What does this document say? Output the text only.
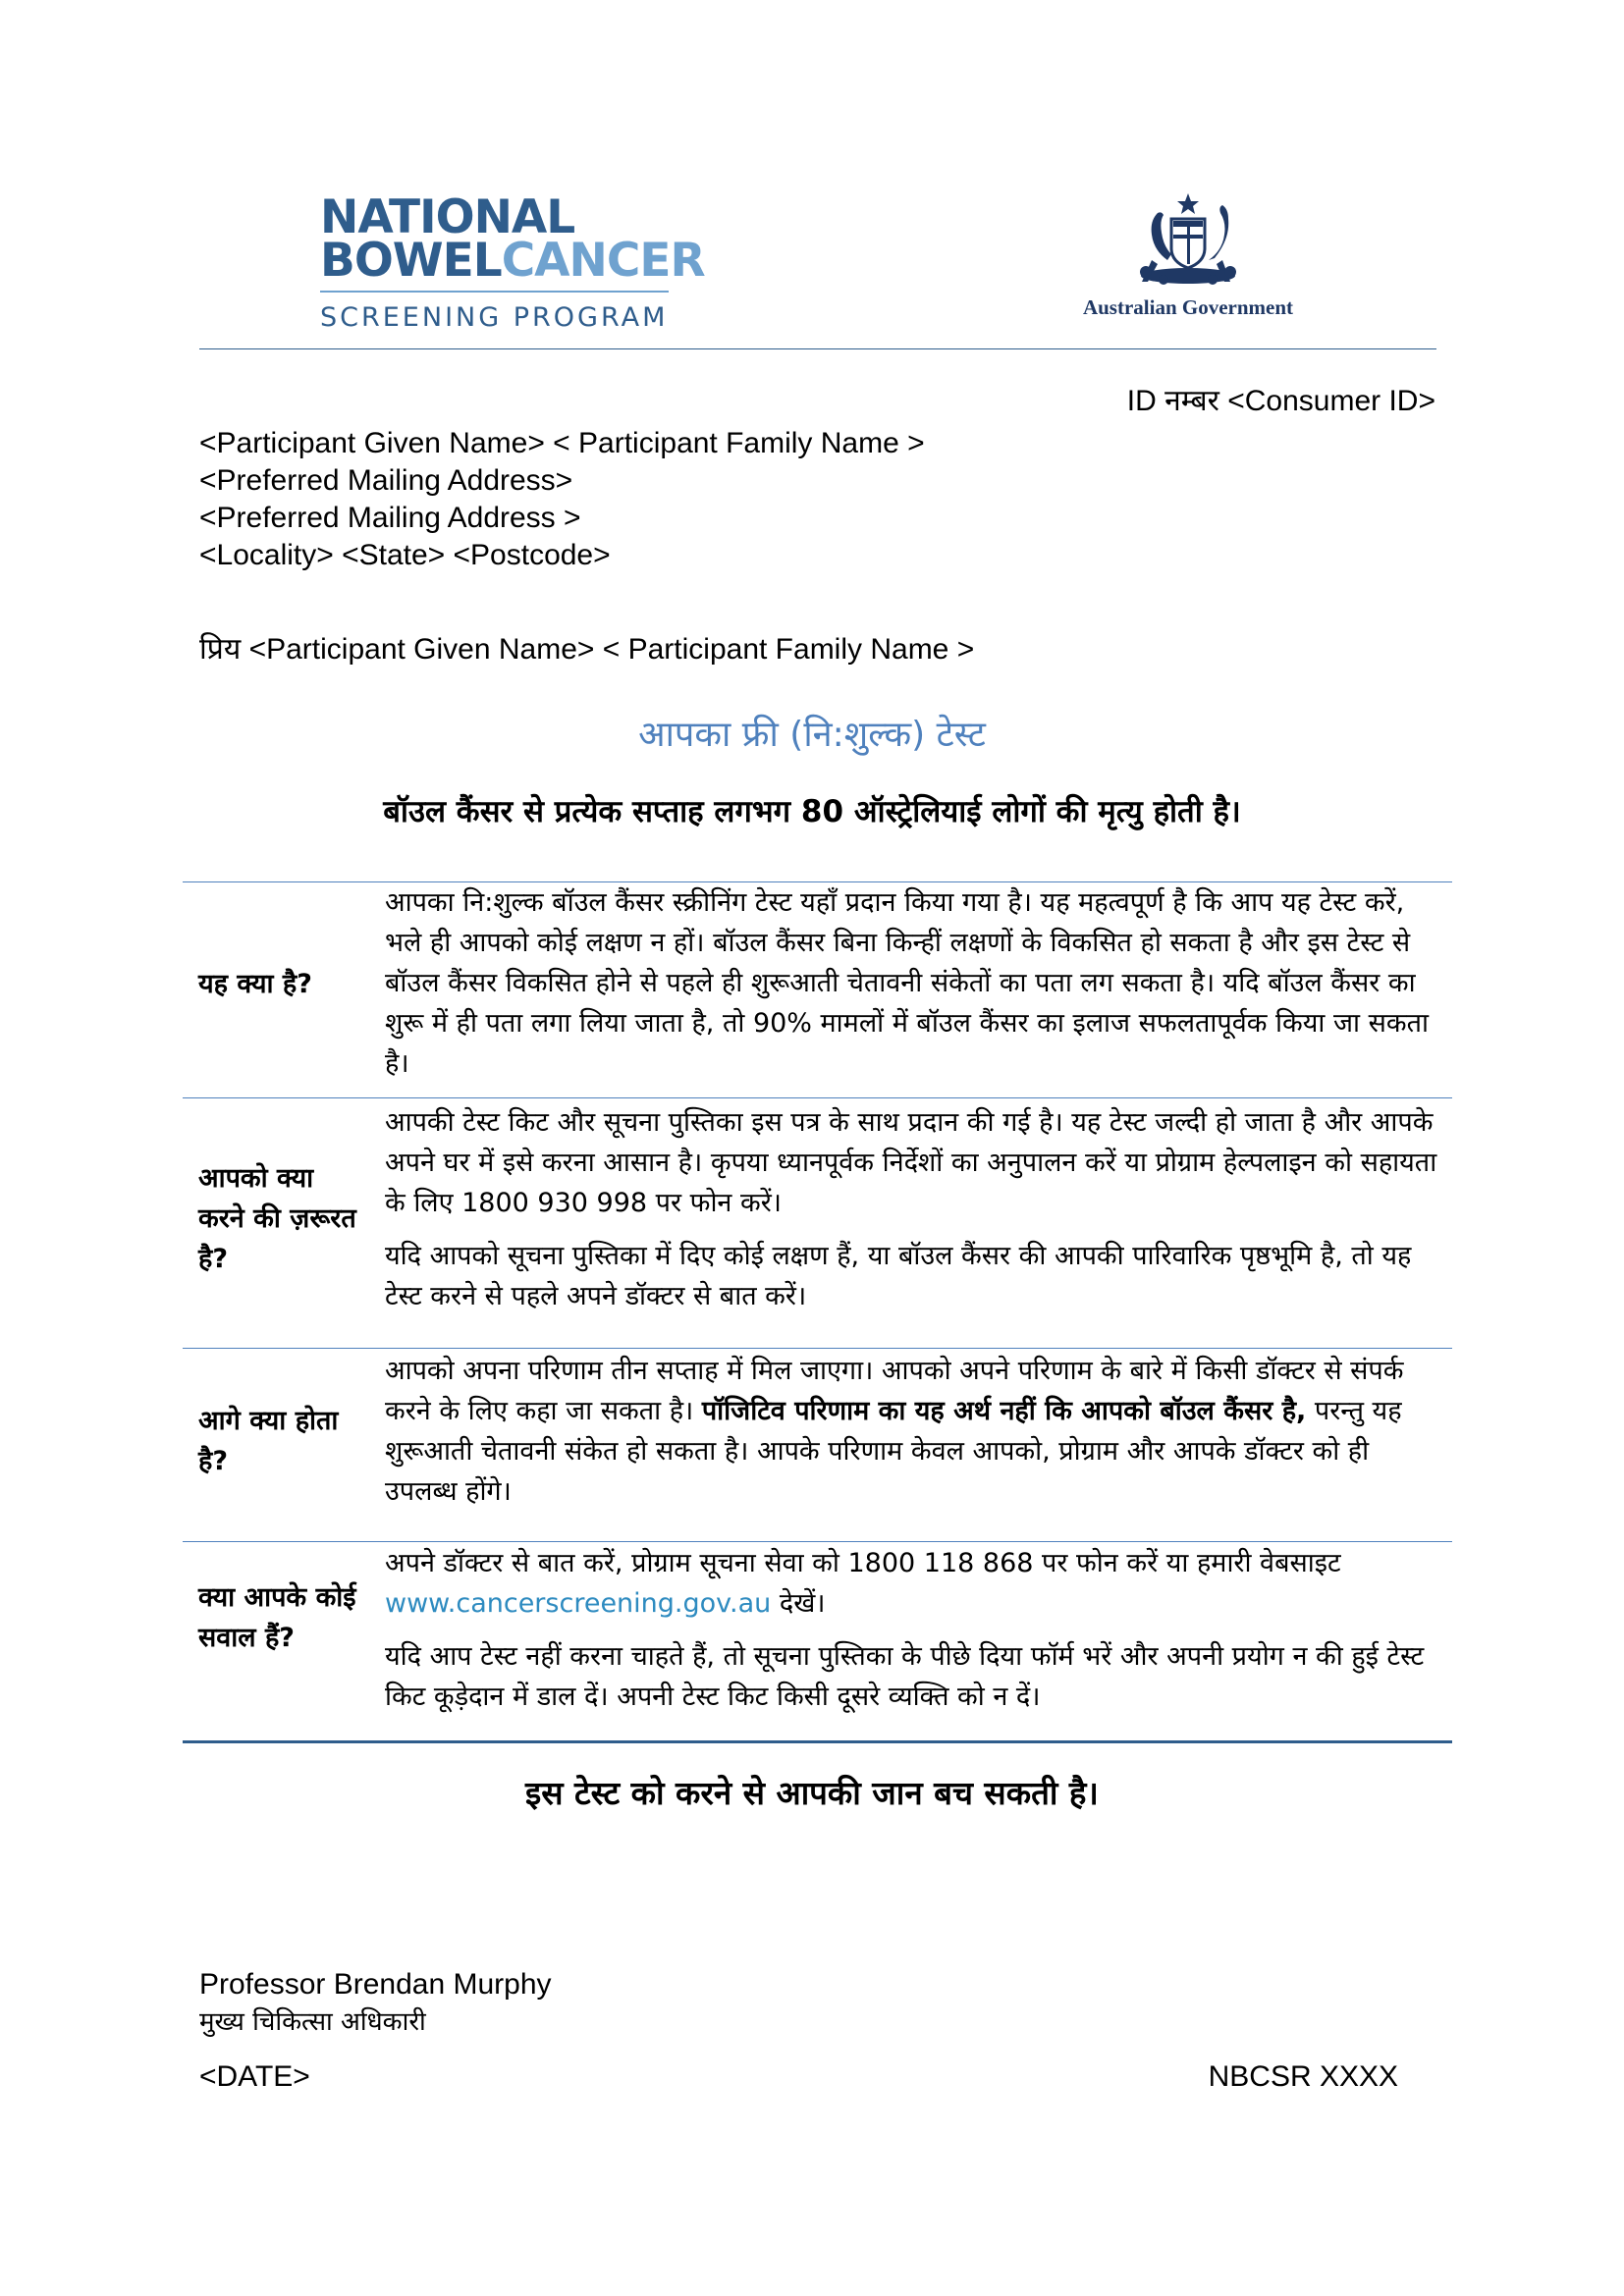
NATIONAL
BOWELCANCER
SCREENING PROGRAM	Australian Government
ID नम्बर <Consumer ID>
<Participant Given Name> < Participant Family Name >
<Preferred Mailing Address>
<Preferred Mailing Address >
<Locality> <State> <Postcode>
प्रिय <Participant Given Name> < Participant Family Name >
आपका फ्री (नि:शुल्क) टेस्ट
बॉउल कैंसर से प्रत्येक सप्ताह लगभग 80 ऑस्ट्रेलियाई लोगों की मृत्यु होती है।
यह क्या है?

आपका नि:शुल्क बॉउल कैंसर स्क्रीनिंग टेस्ट यहाँ प्रदान किया गया है। यह महत्वपूर्ण है कि आप यह टेस्ट करें, भले ही आपको कोई लक्षण न हों। बॉउल कैंसर बिना किन्हीं लक्षणों के विकसित हो सकता है और इस टेस्ट से बॉउल कैंसर विकसित होने से पहले ही शुरूआती चेतावनी संकेतों का पता लग सकता है। यदि बॉउल कैंसर का शुरू में ही पता लगा लिया जाता है, तो 90% मामलों में बॉउल कैंसर का इलाज सफलतापूर्वक किया जा सकता है।

आपको क्या करने की ज़रूरत है?

आपकी टेस्ट किट और सूचना पुस्तिका इस पत्र के साथ प्रदान की गई है। यह टेस्ट जल्दी हो जाता है और आपके अपने घर में इसे करना आसान है। कृपया ध्यानपूर्वक निर्देशों का अनुपालन करें या प्रोग्राम हेल्पलाइन को सहायता के लिए 1800 930 998 पर फोन करें।

यदि आपको सूचना पुस्तिका में दिए कोई लक्षण हैं, या बॉउल कैंसर की आपकी पारिवारिक पृष्ठभूमि है, तो यह टेस्ट करने से पहले अपने डॉक्टर से बात करें।

आगे क्या होता है?

आपको अपना परिणाम तीन सप्ताह में मिल जाएगा। आपको अपने परिणाम के बारे में किसी डॉक्टर से संपर्क करने के लिए कहा जा सकता है। पॉजिटिव परिणाम का यह अर्थ नहीं कि आपको बॉउल कैंसर है, परन्तु यह शुरूआती चेतावनी संकेत हो सकता है। आपके परिणाम केवल आपको, प्रोग्राम और आपके डॉक्टर को ही उपलब्ध होंगे।

क्या आपके कोई सवाल हैं?

अपने डॉक्टर से बात करें, प्रोग्राम सूचना सेवा को 1800 118 868 पर फोन करें या हमारी वेबसाइट www.cancerscreening.gov.au देखें।

यदि आप टेस्ट नहीं करना चाहते हैं, तो सूचना पुस्तिका के पीछे दिया फॉर्म भरें और अपनी प्रयोग न की हुई टेस्ट किट कूड़ेदान में डाल दें। अपनी टेस्ट किट किसी दूसरे व्यक्ति को न दें।

इस टेस्ट को करने से आपकी जान बच सकती है।
Professor Brendan Murphy
मुख्य चिकित्सा अधिकारी
<DATE>	NBCSR XXXX
